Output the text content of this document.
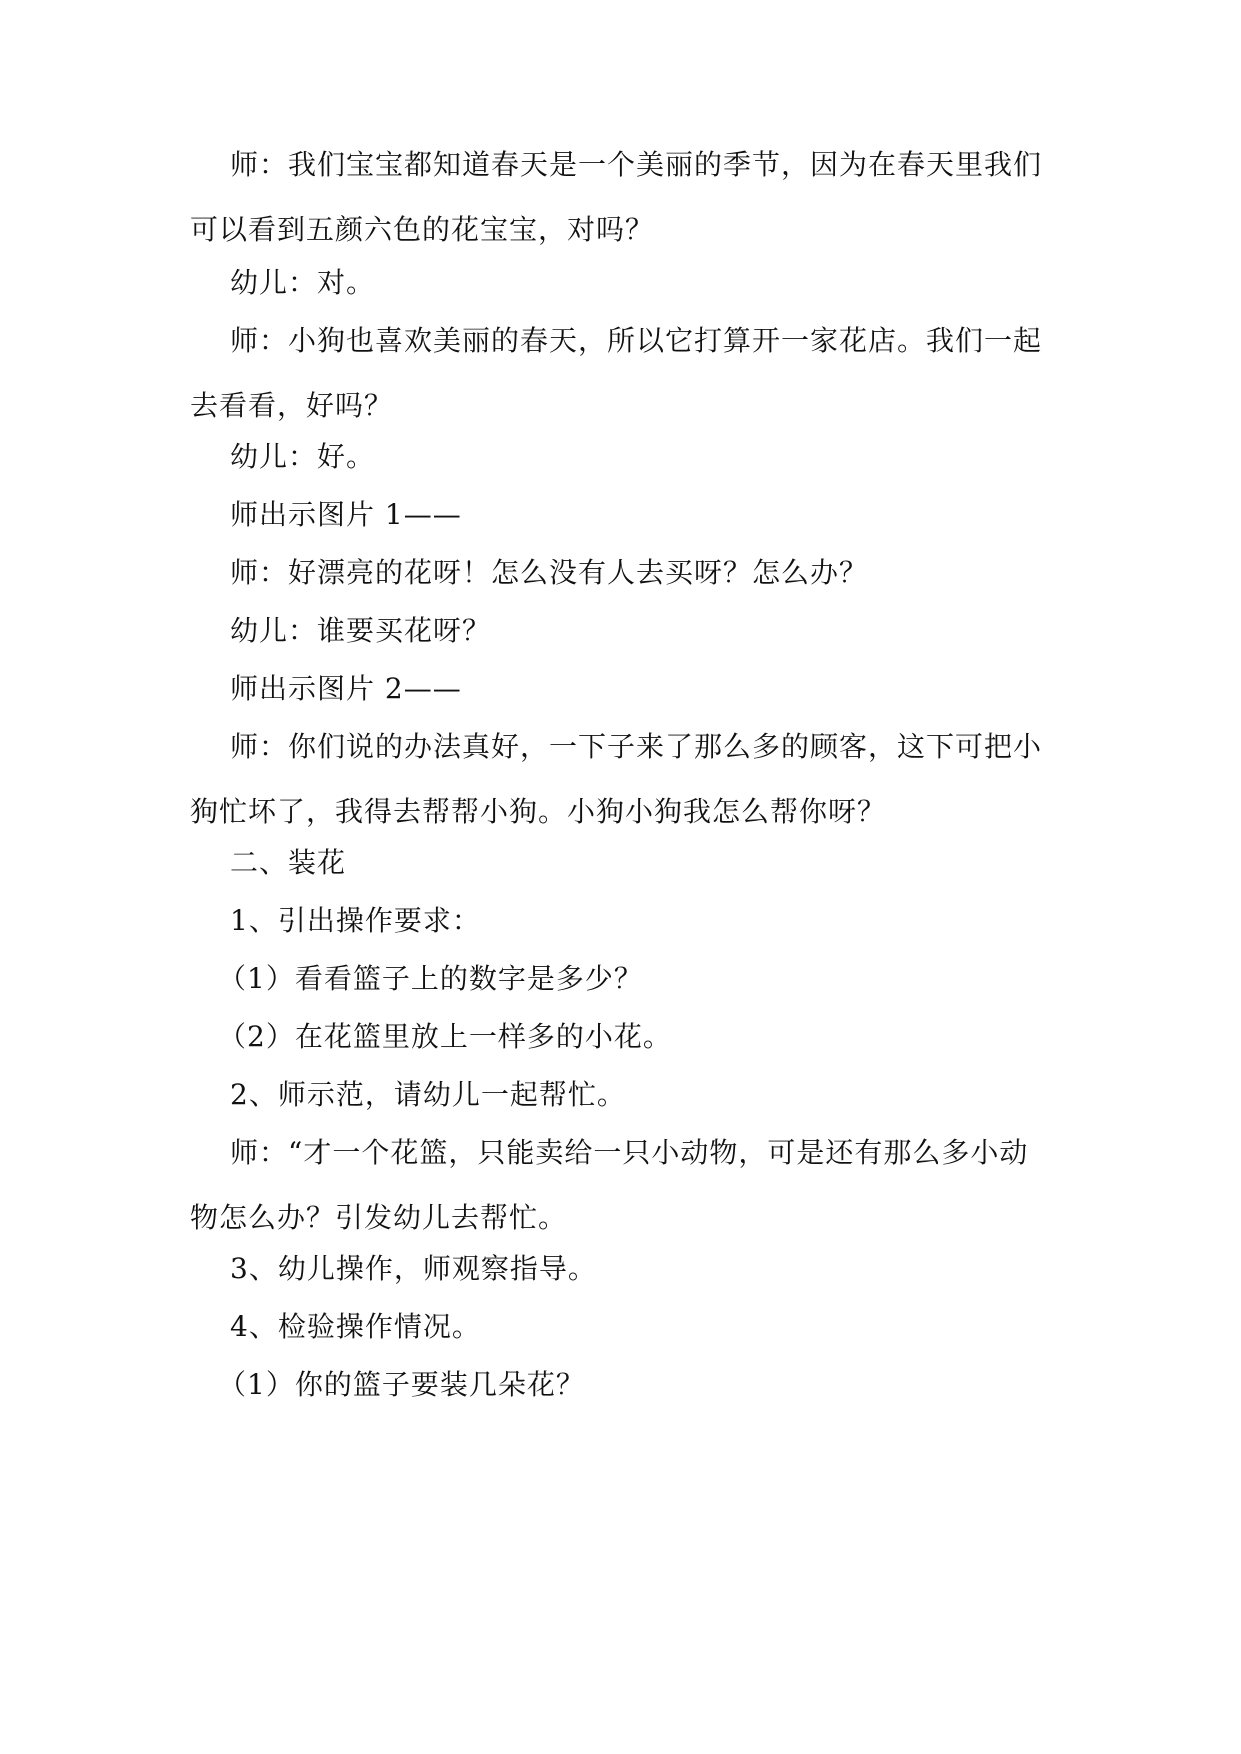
师：我们宝宝都知道春天是一个美丽的季节，因为在春天里我们
可以看到五颜六色的花宝宝，对吗？
幼儿：对。
师：小狗也喜欢美丽的春天，所以它打算开一家花店。我们一起
去看看，好吗？
幼儿：好。
师出示图片 1——
师：好漂亮的花呀！怎么没有人去买呀？怎么办？
幼儿：谁要买花呀？
师出示图片 2——
师：你们说的办法真好，一下子来了那么多的顾客，这下可把小
狗忙坏了，我得去帮帮小狗。小狗小狗我怎么帮你呀？
二、装花
1、引出操作要求：
（1）看看篮子上的数字是多少？
（2）在花篮里放上一样多的小花。
2、师示范，请幼儿一起帮忙。
师：“才一个花篮，只能卖给一只小动物，可是还有那么多小动
物怎么办？引发幼儿去帮忙。
3、幼儿操作，师观察指导。
4、检验操作情况。
（1）你的篮子要装几朵花？
